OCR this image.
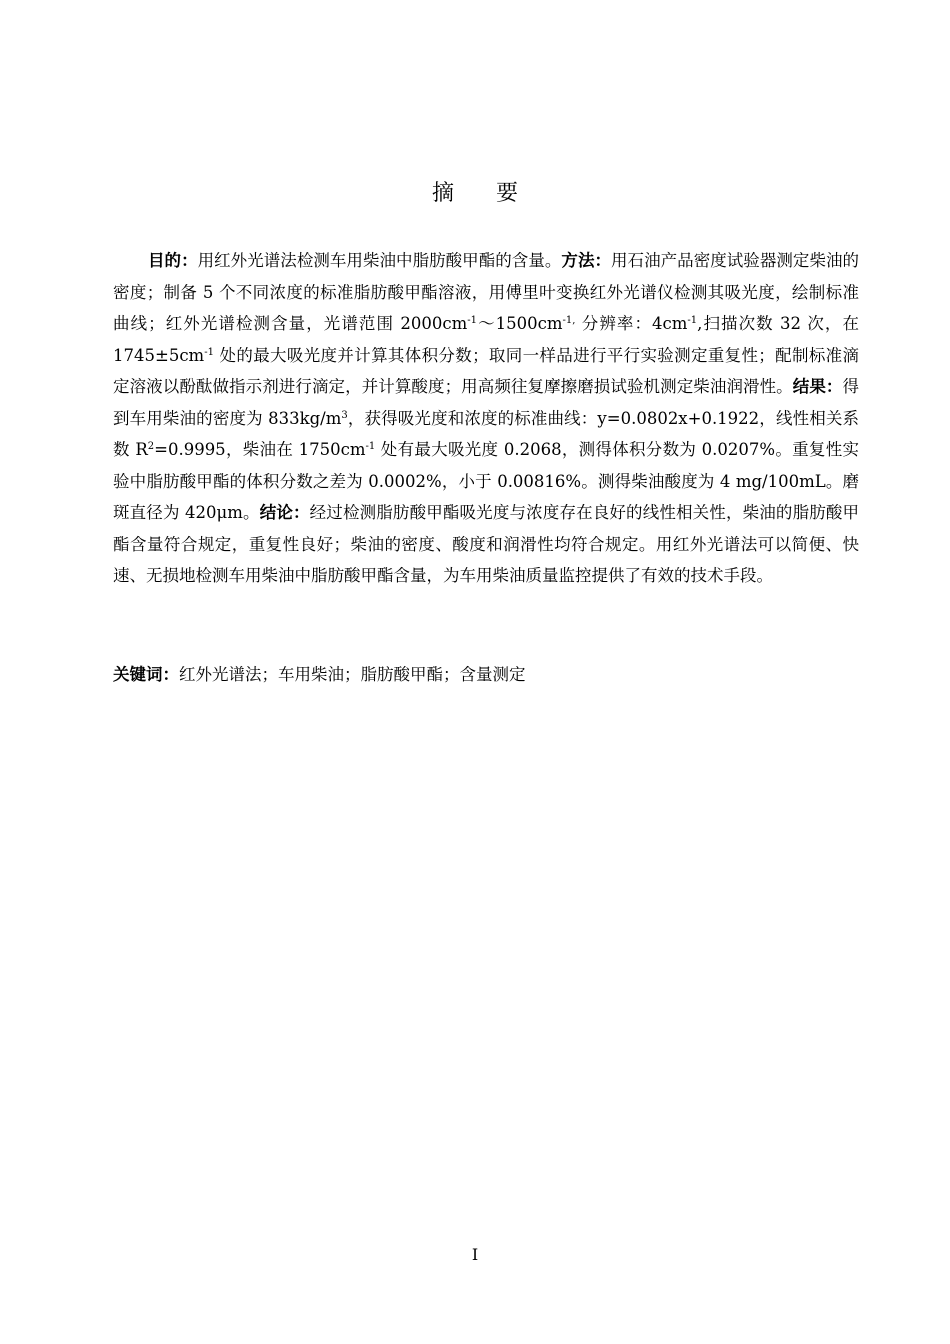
摘 要

目的：用红外光谱法检测车用柴油中脂肪酸甲酯的含量。方法：用石油产品密度试验器测定柴油的密度；制备 5 个不同浓度的标准脂肪酸甲酯溶液，用傅里叶变换红外光谱仪检测其吸光度，绘制标准曲线；红外光谱检测含量，光谱范围 $2000cm^{-1}\sim 1500cm^{-1,}$ 分辨率：$4cm^{-1}$,扫描次数 32 次，在 $1745\pm 5cm^{-1}$ 处的最大吸光度并计算其体积分数；取同一样品进行平行实验测定重复性；配制标准滴定溶液以酚酞做指示剂进行滴定，并计算酸度；用高频往复摩擦磨损试验机测定柴油润滑性。结果：得到车用柴油的密度为 $833kg/m^3$，获得吸光度和浓度的标准曲线：y=0.0802x+0.1922，线性相关系数 $R^2=0.9995$，柴油在 $1750cm^{-1}$ 处有最大吸光度 0.2068，测得体积分数为 0.0207%。重复性实验中脂肪酸甲酯的体积分数之差为 0.0002%，小于 0.00816%。测得柴油酸度为 4 mg/100mL。磨斑直径为 420μm。结论：经过检测脂肪酸甲酯吸光度与浓度存在良好的线性相关性，柴油的脂肪酸甲酯含量符合规定，重复性良好；柴油的密度、酸度和润滑性均符合规定。用红外光谱法可以简便、快速、无损地检测车用柴油中脂肪酸甲酯含量，为车用柴油质量监控提供了有效的技术手段。

关键词：红外光谱法；车用柴油；脂肪酸甲酯；含量测定

I
